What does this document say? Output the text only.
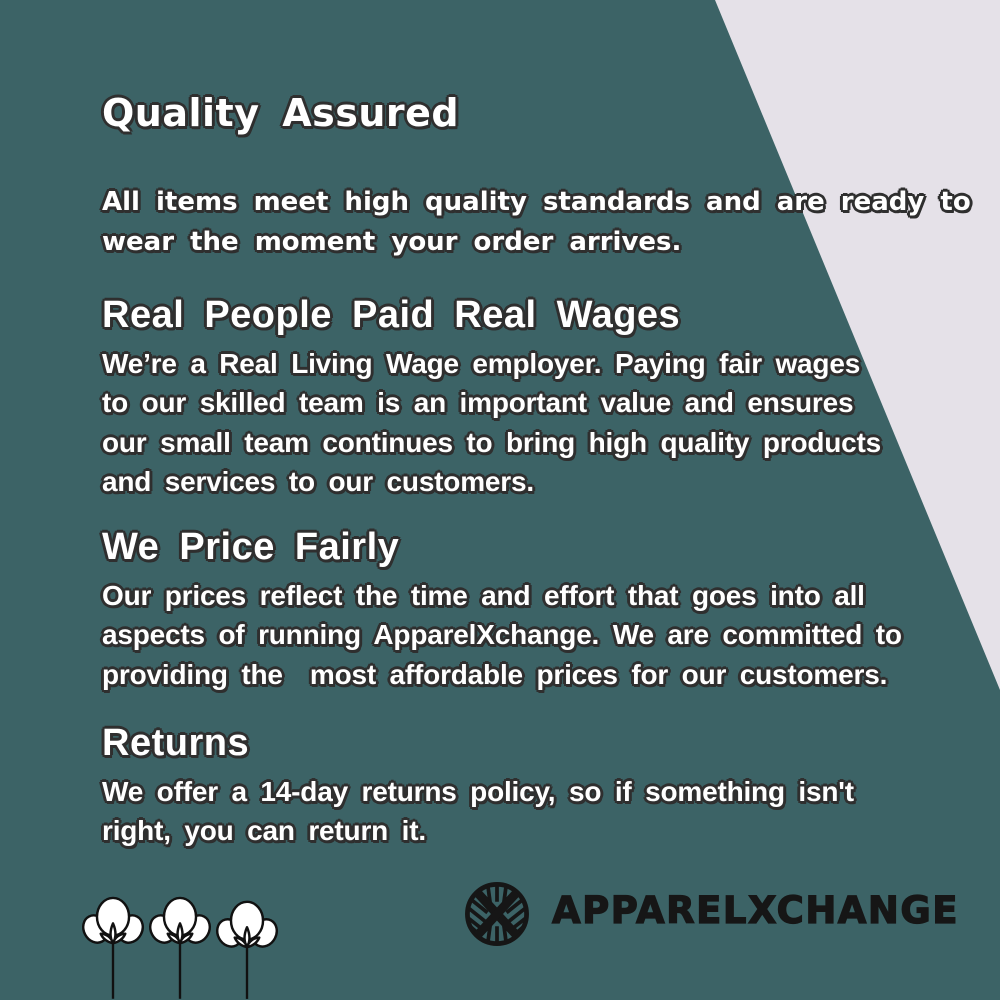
Quality Assured

All items meet high quality standards and are ready to
wear the moment your order arrives.

Real People Paid Real Wages

We’re a Real Living Wage employer. Paying fair wages
to our skilled team is an important value and ensures
our small team continues to bring high quality products
and services to our customers.

We Price Fairly

Our prices reflect the time and effort that goes into all
aspects of running ApparelXchange. We are committed to
providing the  most affordable prices for our customers.

Returns

We offer a 14-day returns policy, so if something isn't
right, you can return it.

APPARELXCHANGE
